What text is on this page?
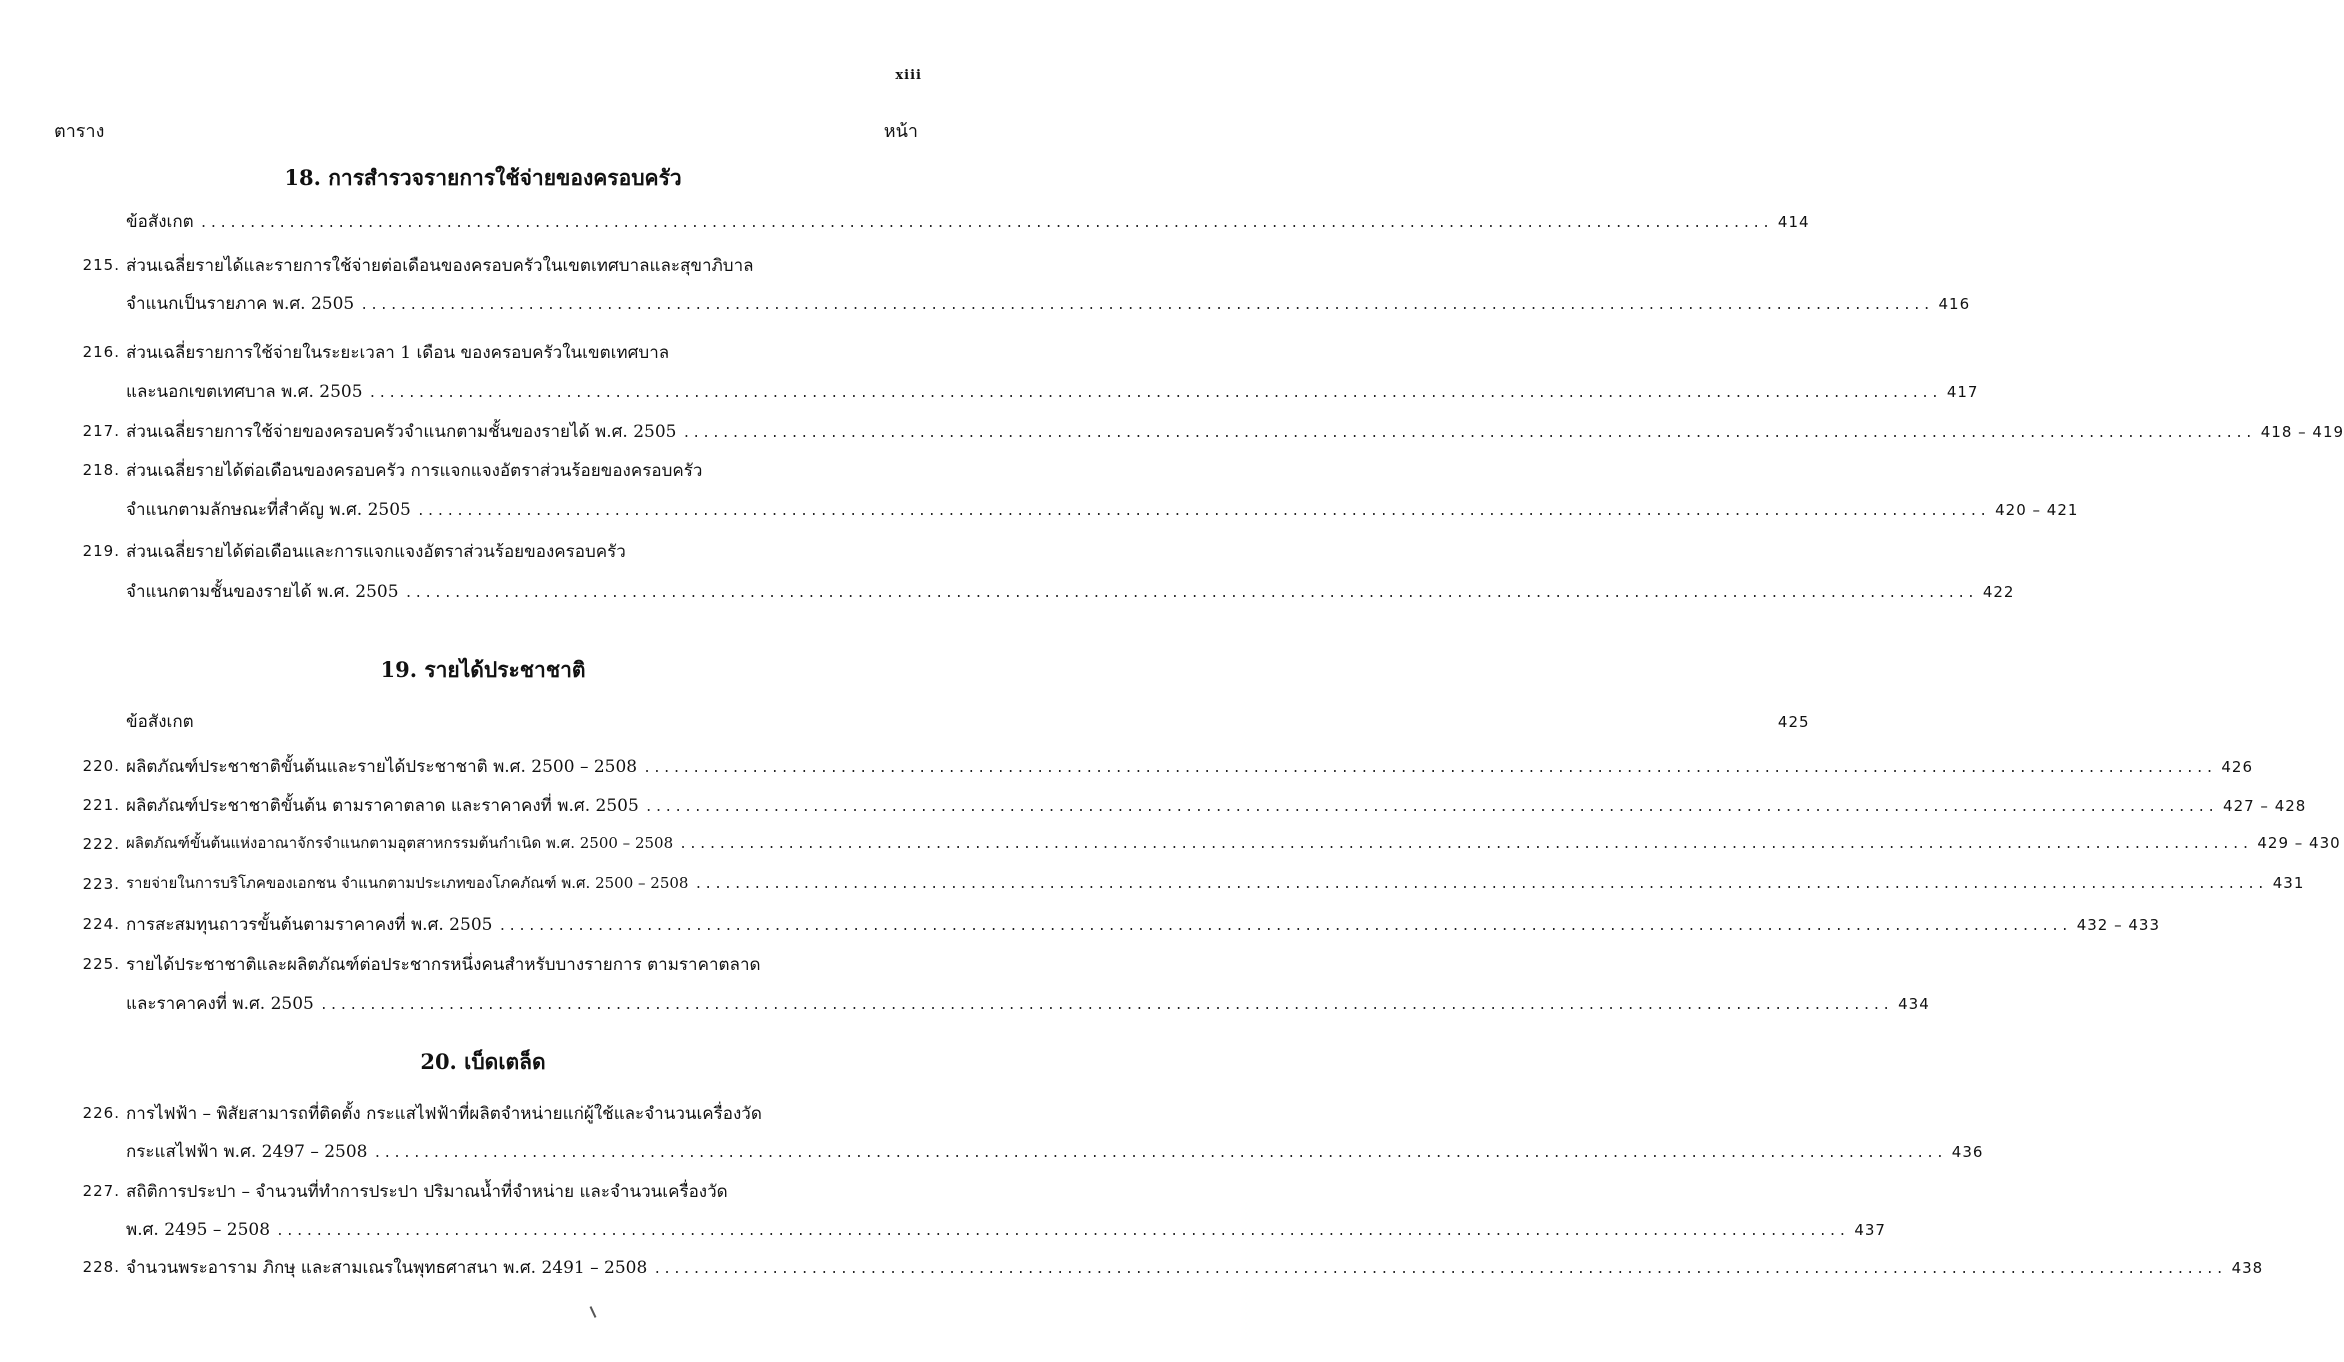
xiii
ตาราง	หน้า
18. การสำรวจรายการใช้จ่ายของครอบครัว
ข้อสังเกต ................................................................................................................................................................ 414
215. ส่วนเฉลี่ยรายได้และรายการใช้จ่ายต่อเดือนของครอบครัวในเขตเทศบาลและสุขาภิบาล
จำแนกเป็นรายภาค พ.ศ. 2505 ................................................................................................................................................................ 416
216. ส่วนเฉลี่ยรายการใช้จ่ายในระยะเวลา 1 เดือน ของครอบครัวในเขตเทศบาล
และนอกเขตเทศบาล พ.ศ. 2505 ................................................................................................................................................................ 417
217. ส่วนเฉลี่ยรายการใช้จ่ายของครอบครัวจำแนกตามชั้นของรายได้ พ.ศ. 2505 ................................................................................................................................................................ 418 – 419
218. ส่วนเฉลี่ยรายได้ต่อเดือนของครอบครัว การแจกแจงอัตราส่วนร้อยของครอบครัว
จำแนกตามลักษณะที่สำคัญ พ.ศ. 2505 ................................................................................................................................................................ 420 – 421
219. ส่วนเฉลี่ยรายได้ต่อเดือนและการแจกแจงอัตราส่วนร้อยของครอบครัว
จำแนกตามชั้นของรายได้ พ.ศ. 2505 ................................................................................................................................................................ 422
19. รายได้ประชาชาติ
ข้อสังเกต	425
220. ผลิตภัณฑ์ประชาชาติขั้นต้นและรายได้ประชาชาติ พ.ศ. 2500 – 2508 ................................................................................................................................................................ 426
221. ผลิตภัณฑ์ประชาชาติขั้นต้น ตามราคาตลาด และราคาคงที่ พ.ศ. 2505 ................................................................................................................................................................ 427 – 428
222. ผลิตภัณฑ์ขั้นต้นแห่งอาณาจักรจำแนกตามอุตสาหกรรมต้นกำเนิด พ.ศ. 2500 – 2508 ................................................................................................................................................................ 429 – 430
223. รายจ่ายในการบริโภคของเอกชน จำแนกตามประเภทของโภคภัณฑ์ พ.ศ. 2500 – 2508 ................................................................................................................................................................ 431
224. การสะสมทุนถาวรขั้นต้นตามราคาคงที่ พ.ศ. 2505 ................................................................................................................................................................ 432 – 433
225. รายได้ประชาชาติและผลิตภัณฑ์ต่อประชากรหนึ่งคนสำหรับบางรายการ ตามราคาตลาด
และราคาคงที่ พ.ศ. 2505 ................................................................................................................................................................ 434
20. เบ็ดเตล็ด
226. การไฟฟ้า – พิสัยสามารถที่ติดตั้ง กระแสไฟฟ้าที่ผลิตจำหน่ายแก่ผู้ใช้และจำนวนเครื่องวัด
กระแสไฟฟ้า พ.ศ. 2497 – 2508 ................................................................................................................................................................ 436
227. สถิติการประปา – จำนวนที่ทำการประปา ปริมาณน้ำที่จำหน่าย และจำนวนเครื่องวัด
พ.ศ. 2495 – 2508 ................................................................................................................................................................ 437
228. จำนวนพระอาราม ภิกษุ และสามเณรในพุทธศาสนา พ.ศ. 2491 – 2508 ................................................................................................................................................................ 438
